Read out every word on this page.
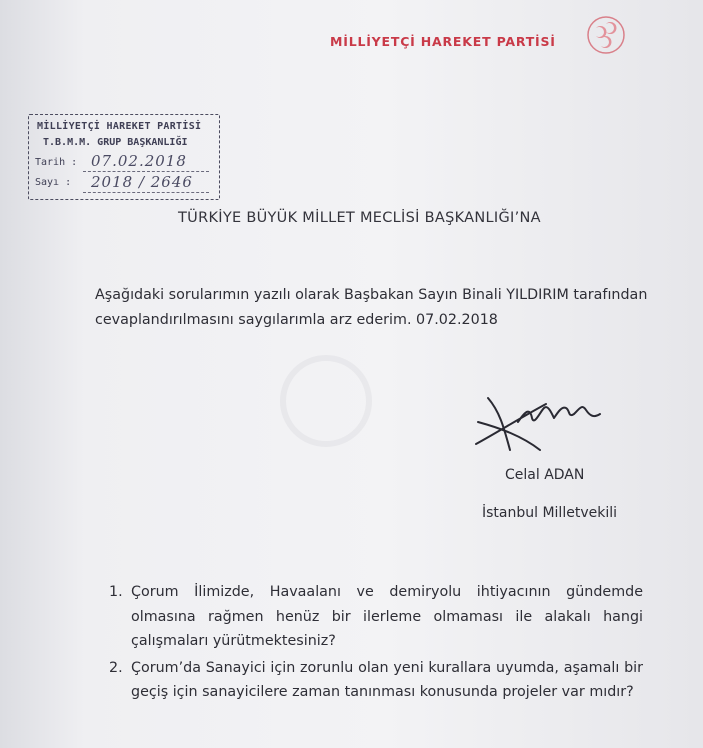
MİLLİYETÇİ HAREKET PARTİSİ
MİLLİYETÇİ HAREKET PARTİSİ
T.B.M.M. GRUP BAŞKANLIĞI
Tarih : 07.02.2018
Sayı : 2018 / 2646
TÜRKİYE BÜYÜK MİLLET MECLİSİ BAŞKANLIĞI’NA
Aşağıdaki sorularımın yazılı olarak Başbakan Sayın Binali YILDIRIM tarafından cevaplandırılmasını saygılarımla arz ederim. 07.02.2018
Celal ADAN
İstanbul Milletvekili
1. Çorum İlimizde, Havaalanı ve demiryolu ihtiyacının gündemde olmasına rağmen henüz bir ilerleme olmaması ile alakalı hangi çalışmaları yürütmektesiniz?
2. Çorum’da Sanayici için zorunlu olan yeni kurallara uyumda, aşamalı bir geçiş için sanayicilere zaman tanınması konusunda projeler var mıdır?
